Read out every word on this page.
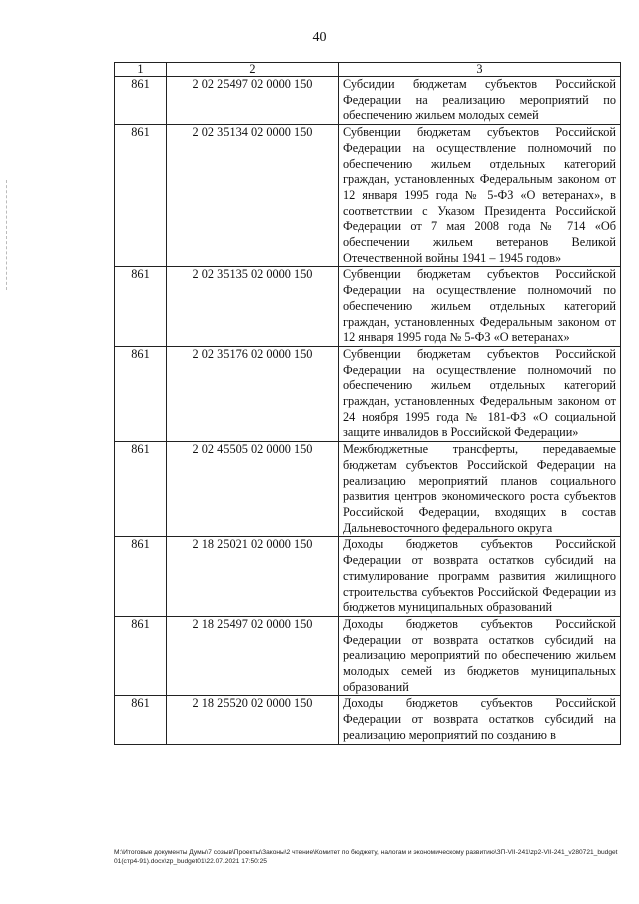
40
1	2	3
861	2 02 25497 02 0000 150	Субсидии бюджетам субъектов Российской Федерации на реализацию мероприятий по обеспечению жильем молодых семей
861	2 02 35134 02 0000 150	Субвенции бюджетам субъектов Российской Федерации на осуществление полномочий по обеспечению жильем отдельных категорий граждан, установленных Федеральным законом от 12 января 1995 года № 5-ФЗ «О ветеранах», в соответствии с Указом Президента Российской Федерации от 7 мая 2008 года № 714 «Об обеспечении жильем ветеранов Великой Отечественной войны 1941 – 1945 годов»
861	2 02 35135 02 0000 150	Субвенции бюджетам субъектов Российской Федерации на осуществление полномочий по обеспечению жильем отдельных категорий граждан, установленных Федеральным законом от 12 января 1995 года № 5-ФЗ «О ветеранах»
861	2 02 35176 02 0000 150	Субвенции бюджетам субъектов Российской Федерации на осуществление полномочий по обеспечению жильем отдельных категорий граждан, установленных Федеральным законом от 24 ноября 1995 года № 181-ФЗ «О социальной защите инвалидов в Российской Федерации»
861	2 02 45505 02 0000 150	Межбюджетные трансферты, передаваемые бюджетам субъектов Российской Федерации на реализацию мероприятий планов социального развития центров экономического роста субъектов Российской Федерации, входящих в состав Дальневосточного федерального округа
861	2 18 25021 02 0000 150	Доходы бюджетов субъектов Российской Федерации от возврата остатков субсидий на стимулирование программ развития жилищного строительства субъектов Российской Федерации из бюджетов муниципальных образований
861	2 18 25497 02 0000 150	Доходы бюджетов субъектов Российской Федерации от возврата остатков субсидий на реализацию мероприятий по обеспечению жильем молодых семей из бюджетов муниципальных образований
861	2 18 25520 02 0000 150	Доходы бюджетов субъектов Российской Федерации от возврата остатков субсидий на реализацию мероприятий по созданию в
М:\Итоговые документы Думы\7 созыв\Проекты\Законы\2 чтение\Комитет по бюджету, налогам и экономическому развитию\ЗП-VII-241\zp2-VII-241_v280721_budget01(стр4-91).docx\zp_budget01\22.07.2021 17:50:25
